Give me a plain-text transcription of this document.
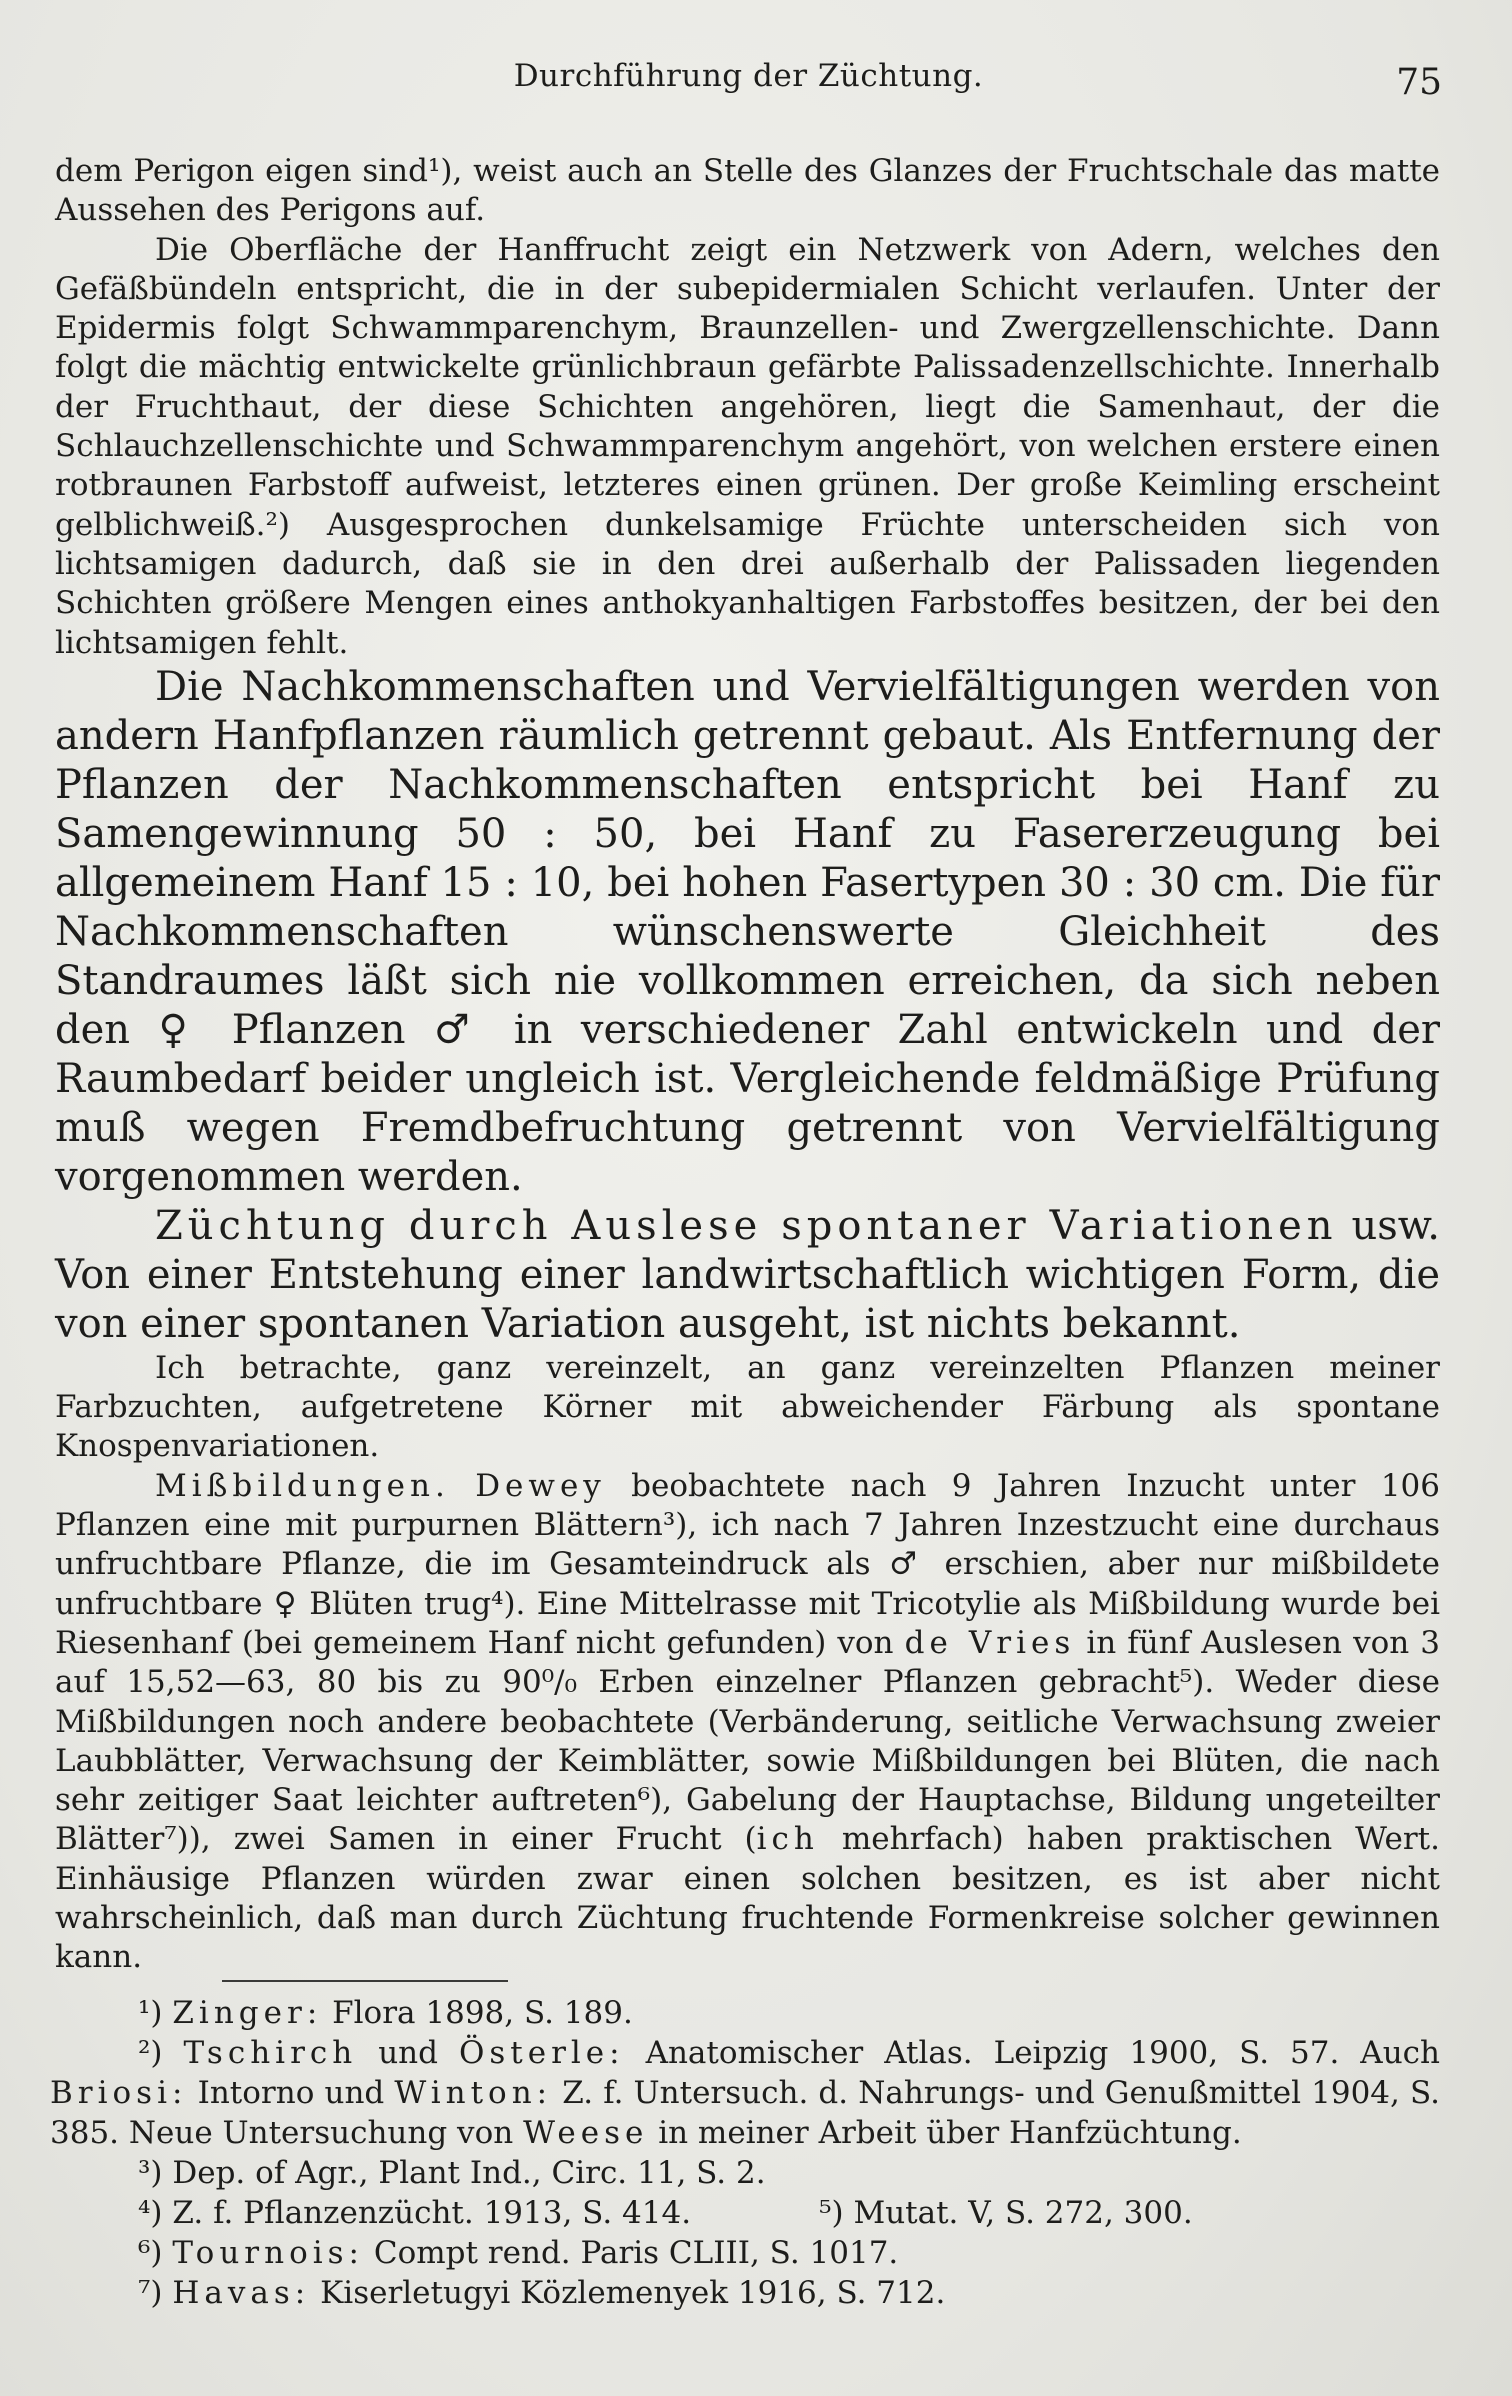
Durchführung der Züchtung.	75

dem Perigon eigen sind¹), weist auch an Stelle des Glanzes der Fruchtschale das matte Aussehen des Perigons auf.

Die Oberfläche der Hanffrucht zeigt ein Netzwerk von Adern, welches den Gefäßbündeln entspricht, die in der subepidermialen Schicht verlaufen. Unter der Epidermis folgt Schwammparenchym, Braunzellen- und Zwergzellenschichte. Dann folgt die mächtig entwickelte grünlichbraun gefärbte Palissadenzellschichte. Innerhalb der Fruchthaut, der diese Schichten angehören, liegt die Samenhaut, der die Schlauchzellenschichte und Schwammparenchym angehört, von welchen erstere einen rotbraunen Farbstoff aufweist, letzteres einen grünen. Der große Keimling erscheint gelblichweiß.²) Ausgesprochen dunkelsamige Früchte unterscheiden sich von lichtsamigen dadurch, daß sie in den drei außerhalb der Palissaden liegenden Schichten größere Mengen eines anthokyanhaltigen Farbstoffes besitzen, der bei den lichtsamigen fehlt.

Die Nachkommenschaften und Vervielfältigungen werden von andern Hanfpflanzen räumlich getrennt gebaut. Als Entfernung der Pflanzen der Nachkommenschaften entspricht bei Hanf zu Samengewinnung 50 : 50, bei Hanf zu Fasererzeugung bei allgemeinem Hanf 15 : 10, bei hohen Fasertypen 30 : 30 cm. Die für Nachkommenschaften wünschenswerte Gleichheit des Standraumes läßt sich nie vollkommen erreichen, da sich neben den ♀ Pflanzen ♂ in verschiedener Zahl entwickeln und der Raumbedarf beider ungleich ist. Vergleichende feldmäßige Prüfung muß wegen Fremdbefruchtung getrennt von Vervielfältigung vorgenommen werden.

Züchtung durch Auslese spontaner Variationen usw. Von einer Entstehung einer landwirtschaftlich wichtigen Form, die von einer spontanen Variation ausgeht, ist nichts bekannt.

Ich betrachte, ganz vereinzelt, an ganz vereinzelten Pflanzen meiner Farbzuchten, aufgetretene Körner mit abweichender Färbung als spontane Knospenvariationen.

Mißbildungen. Dewey beobachtete nach 9 Jahren Inzucht unter 106 Pflanzen eine mit purpurnen Blättern³), ich nach 7 Jahren Inzestzucht eine durchaus unfruchtbare Pflanze, die im Gesamteindruck als ♂ erschien, aber nur mißbildete unfruchtbare ♀ Blüten trug⁴). Eine Mittelrasse mit Tricotylie als Mißbildung wurde bei Riesenhanf (bei gemeinem Hanf nicht gefunden) von de Vries in fünf Auslesen von 3 auf 15,52—63, 80 bis zu 90⁰/₀ Erben einzelner Pflanzen gebracht⁵). Weder diese Mißbildungen noch andere beobachtete (Verbänderung, seitliche Verwachsung zweier Laubblätter, Verwachsung der Keimblätter, sowie Mißbildungen bei Blüten, die nach sehr zeitiger Saat leichter auftreten⁶), Gabelung der Hauptachse, Bildung ungeteilter Blätter⁷)), zwei Samen in einer Frucht (ich mehrfach) haben praktischen Wert. Einhäusige Pflanzen würden zwar einen solchen besitzen, es ist aber nicht wahrscheinlich, daß man durch Züchtung fruchtende Formenkreise solcher gewinnen kann.

¹) Zinger: Flora 1898, S. 189.

²) Tschirch und Österle: Anatomischer Atlas. Leipzig 1900, S. 57. Auch Briosi: Intorno und Winton: Z. f. Untersuch. d. Nahrungs- und Genußmittel 1904, S. 385. Neue Untersuchung von Weese in meiner Arbeit über Hanfzüchtung.

³) Dep. of Agr., Plant Ind., Circ. 11, S. 2.

⁴) Z. f. Pflanzenzücht. 1913, S. 414.	⁵) Mutat. V, S. 272, 300.

⁶) Tournois: Compt rend. Paris CLIII, S. 1017.

⁷) Havas: Kiserletugyi Közlemenyek 1916, S. 712.
